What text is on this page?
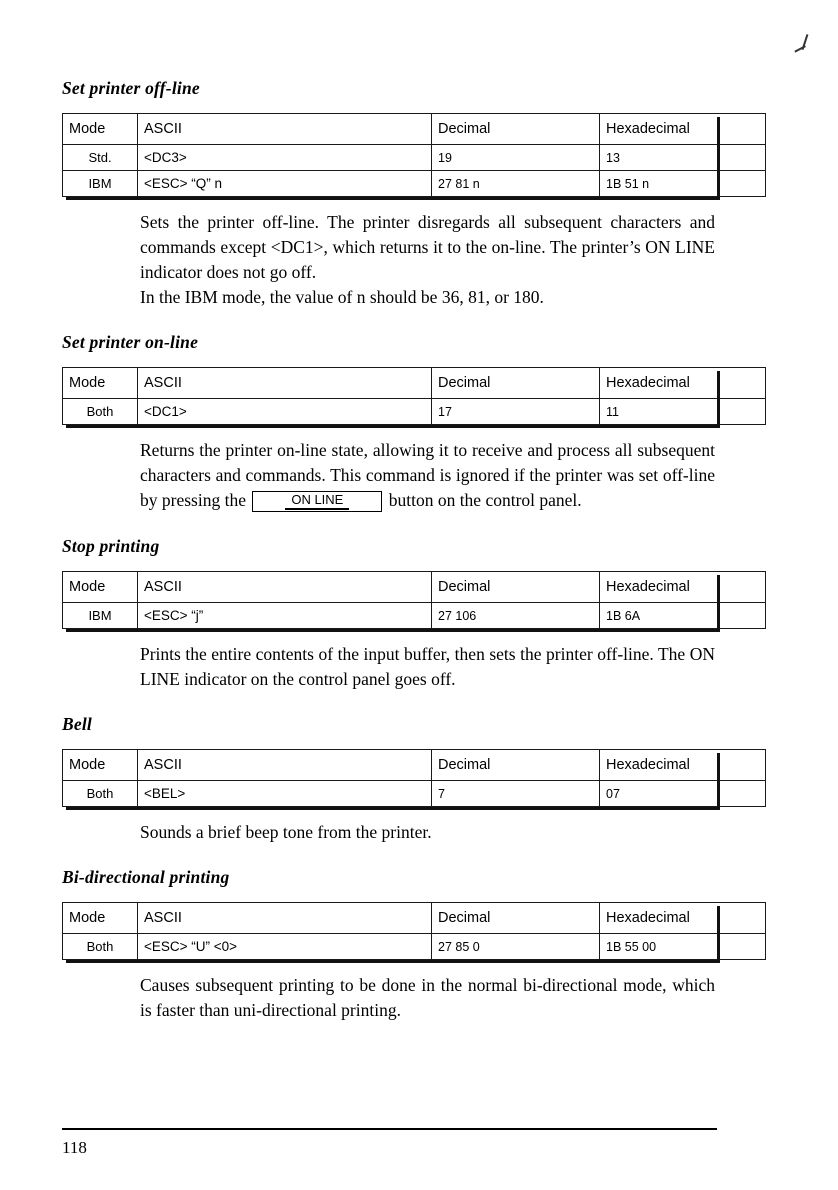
Set printer off-line
Mode	ASCII	Decimal	Hexadecimal
Std.	<DC3>	19	13
IBM	<ESC> “Q” n	27 81 n	1B 51 n

Sets the printer off-line. The printer disregards all subsequent characters and commands except <DC1>, which returns it to the on-line. The printer’s ON LINE indicator does not go off.

In the IBM mode, the value of n should be 36, 81, or 180.

Set printer on-line
Mode	ASCII	Decimal	Hexadecimal
Both	<DC1>	17	11

Returns the printer on-line state, allowing it to receive and process all subsequent characters and commands. This command is ignored if the printer was set off-line by pressing the	ON LINE button on the control panel.

Stop printing
Mode	ASCII	Decimal	Hexadecimal
IBM	<ESC> “j”	27 106	1B 6A

Prints the entire contents of the input buffer, then sets the printer off-line. The ON LINE indicator on the control panel goes off.

Bell
Mode	ASCII	Decimal	Hexadecimal
Both	<BEL>	7	07

Sounds a brief beep tone from the printer.

Bi-directional printing
Mode	ASCII	Decimal	Hexadecimal
Both	<ESC> “U” <0>	27 85 0	1B 55 00

Causes subsequent printing to be done in the normal bi-directional mode, which is faster than uni-directional printing.

118
